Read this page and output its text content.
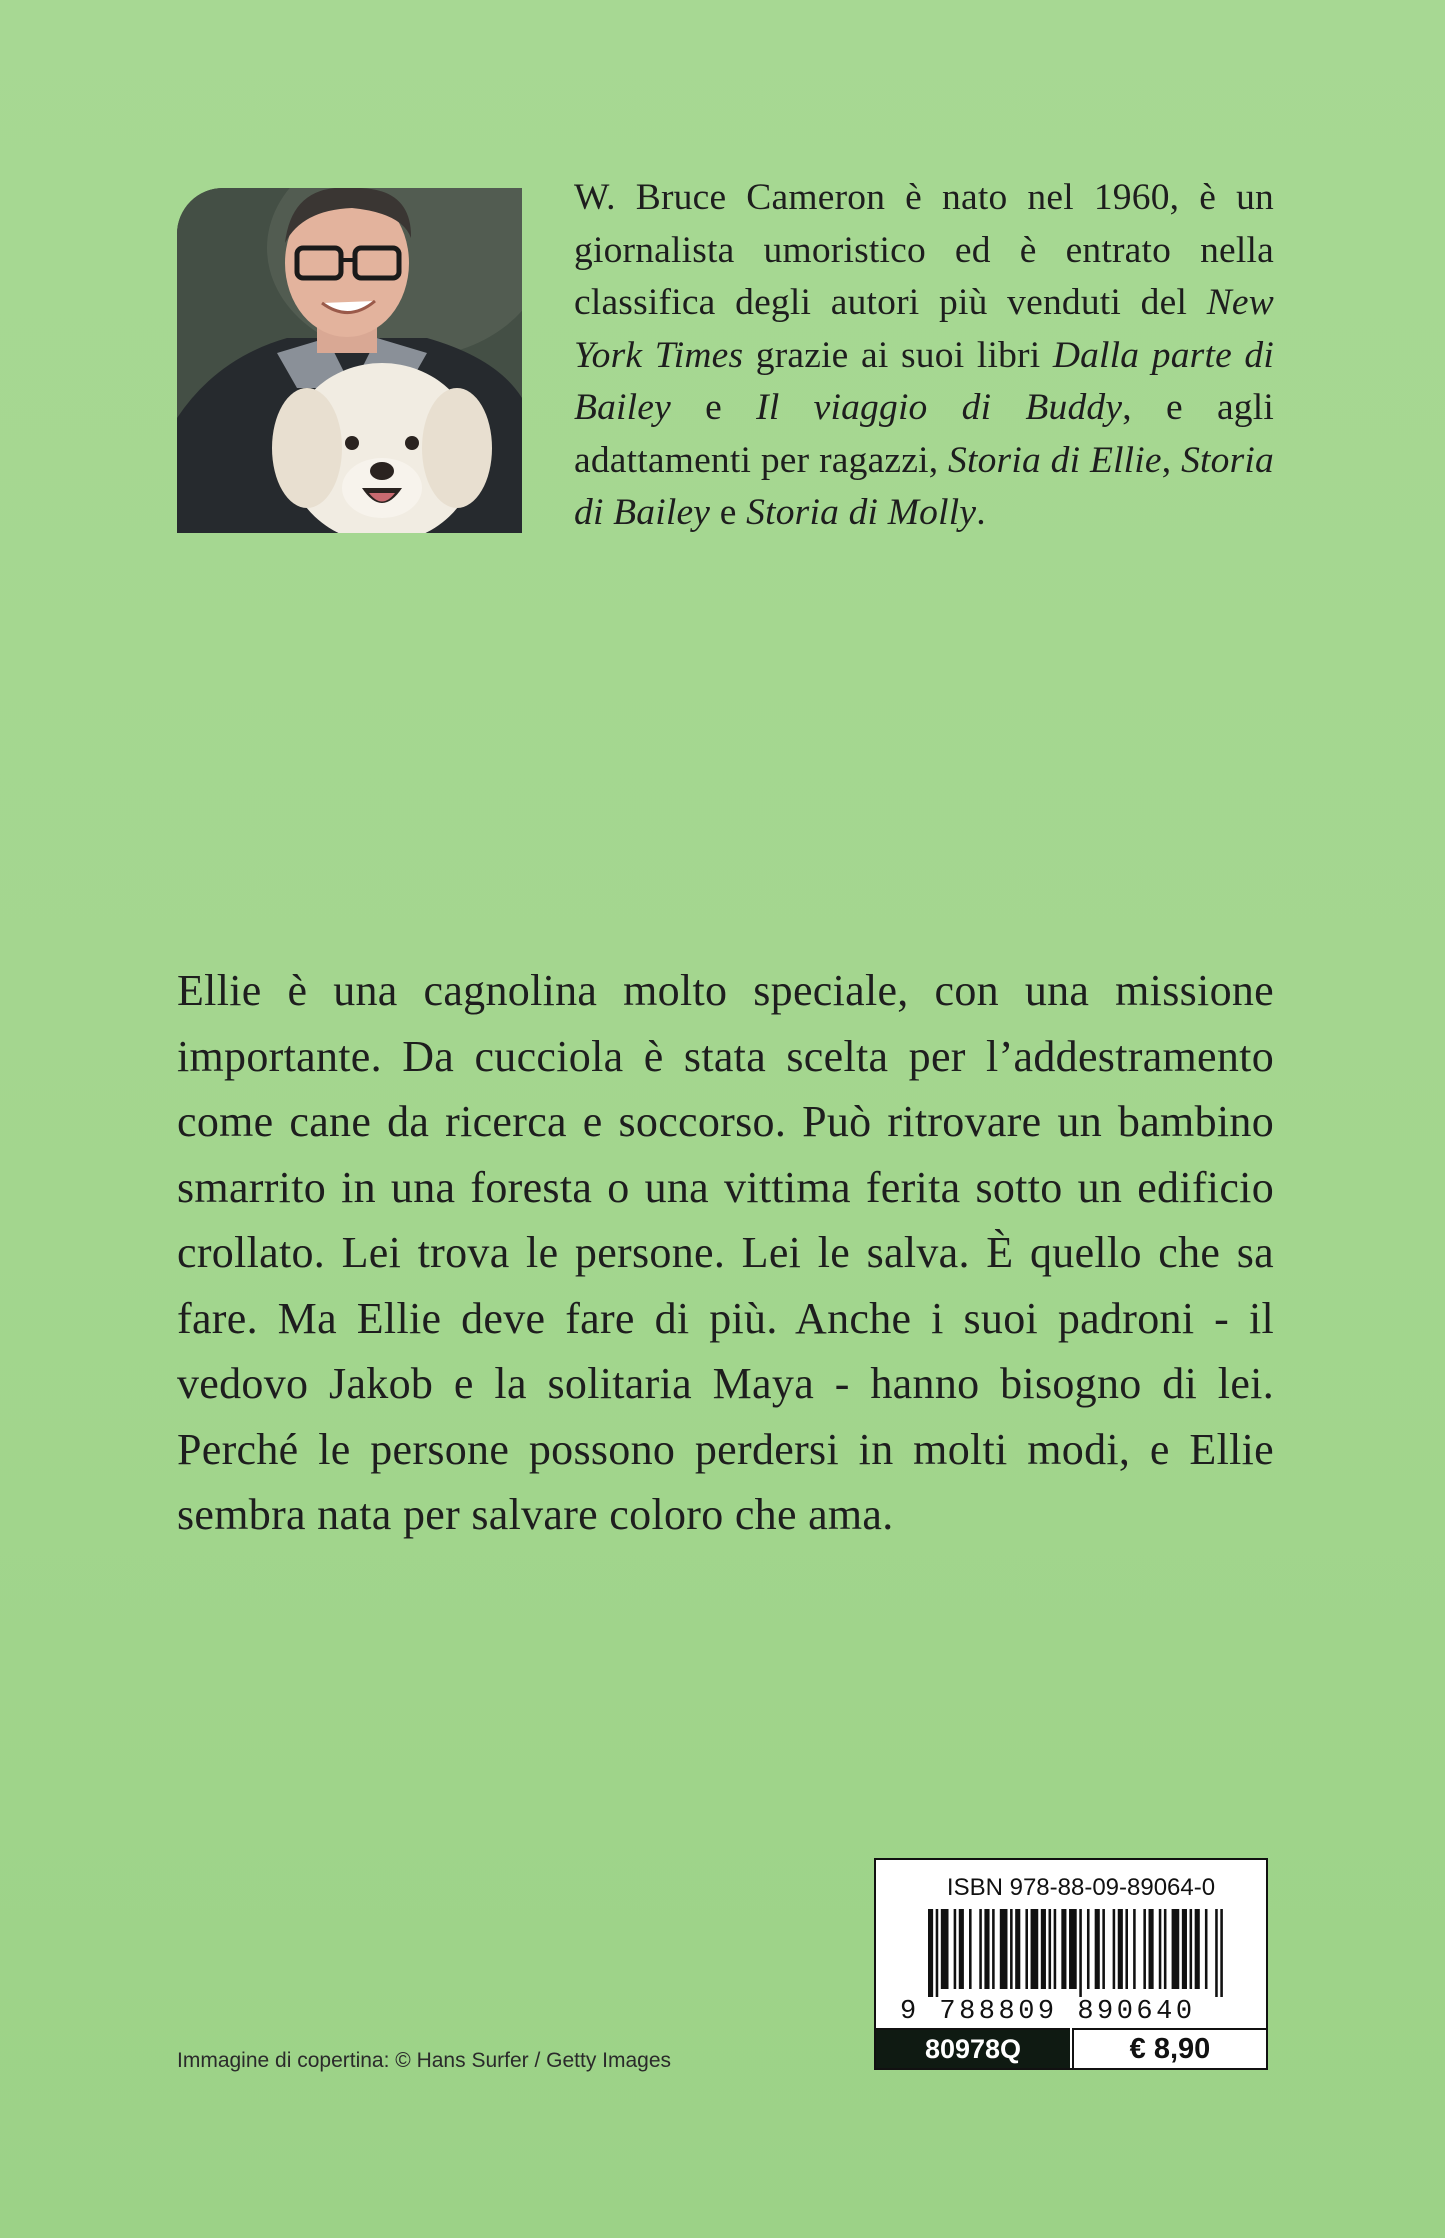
W. Bruce Cameron è nato nel 1960, è un giornalista umoristico ed è entrato nella classifica degli autori più venduti del New York Times grazie ai suoi libri Dalla parte di Bailey e Il viaggio di Buddy, e agli adattamenti per ragazzi, Storia di Ellie, Storia di Bailey e Storia di Molly.

Ellie è una cagnolina molto speciale, con una missione importante. Da cucciola è stata scelta per l’addestramento come cane da ricerca e soccorso. Può ritrovare un bambino smarrito in una foresta o una vittima ferita sotto un edificio crollato. Lei trova le persone. Lei le salva. È quello che sa fare. Ma Ellie deve fare di più. Anche i suoi padroni - il vedovo Jakob e la solitaria Maya - hanno bisogno di lei. Perché le persone possono perdersi in molti modi, e Ellie sembra nata per salvare coloro che ama.

Immagine di copertina: © Hans Surfer / Getty Images

ISBN 978-88-09-89064-0
9 788809 890640
80978Q	€ 8,90
